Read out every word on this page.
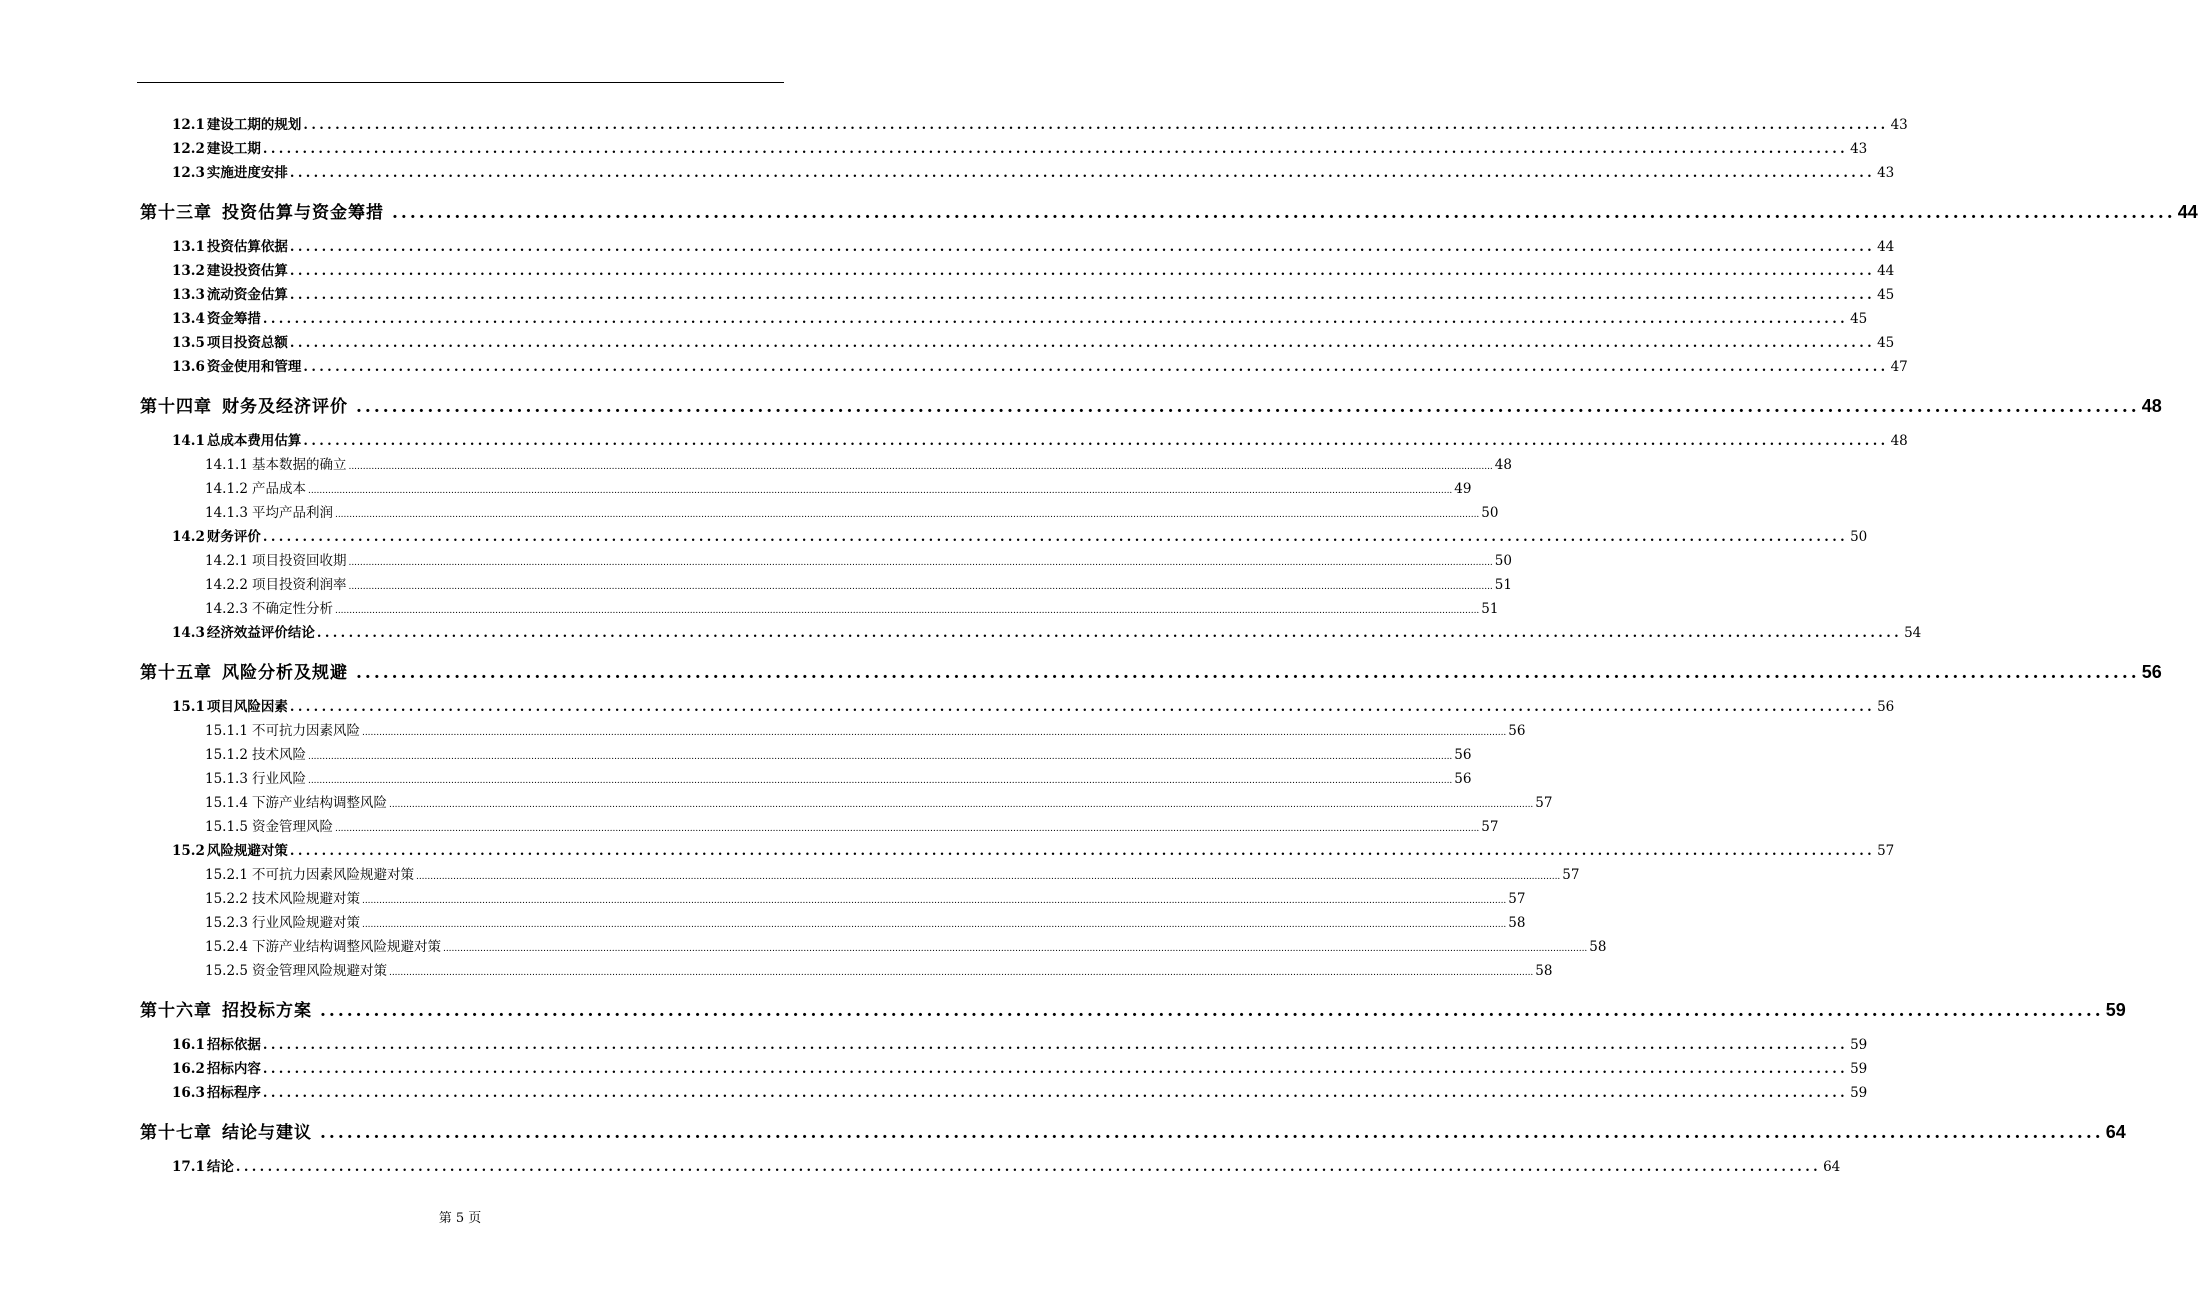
12.1 建设工期的规划 ........................................................................................................................................................................................................ 43
12.2 建设工期 ........................................................................................................................................................................................................ 43
12.3 实施进度安排 ........................................................................................................................................................................................................ 43
第十三章 投资估算与资金筹措 ........................................................................................................................................................................................................ 44
13.1 投资估算依据 ........................................................................................................................................................................................................ 44
13.2 建设投资估算 ........................................................................................................................................................................................................ 44
13.3 流动资金估算 ........................................................................................................................................................................................................ 45
13.4 资金筹措 ........................................................................................................................................................................................................ 45
13.5 项目投资总额 ........................................................................................................................................................................................................ 45
13.6 资金使用和管理 ........................................................................................................................................................................................................ 47
第十四章 财务及经济评价 ........................................................................................................................................................................................................ 48
14.1 总成本费用估算 ........................................................................................................................................................................................................ 48
14.1.1 基本数据的确立 ................................................................................................................................................................................................................................................................................................................................................................................................................ 48
14.1.2 产品成本 ................................................................................................................................................................................................................................................................................................................................................................................................................ 49
14.1.3 平均产品利润 ................................................................................................................................................................................................................................................................................................................................................................................................................ 50
14.2 财务评价 ........................................................................................................................................................................................................ 50
14.2.1 项目投资回收期 ................................................................................................................................................................................................................................................................................................................................................................................................................ 50
14.2.2 项目投资利润率 ................................................................................................................................................................................................................................................................................................................................................................................................................ 51
14.2.3 不确定性分析 ................................................................................................................................................................................................................................................................................................................................................................................................................ 51
14.3 经济效益评价结论 ........................................................................................................................................................................................................ 54
第十五章 风险分析及规避 ........................................................................................................................................................................................................ 56
15.1 项目风险因素 ........................................................................................................................................................................................................ 56
15.1.1 不可抗力因素风险 ................................................................................................................................................................................................................................................................................................................................................................................................................ 56
15.1.2 技术风险 ................................................................................................................................................................................................................................................................................................................................................................................................................ 56
15.1.3 行业风险 ................................................................................................................................................................................................................................................................................................................................................................................................................ 56
15.1.4 下游产业结构调整风险 ................................................................................................................................................................................................................................................................................................................................................................................................................ 57
15.1.5 资金管理风险 ................................................................................................................................................................................................................................................................................................................................................................................................................ 57
15.2 风险规避对策 ........................................................................................................................................................................................................ 57
15.2.1 不可抗力因素风险规避对策 ................................................................................................................................................................................................................................................................................................................................................................................................................ 57
15.2.2 技术风险规避对策 ................................................................................................................................................................................................................................................................................................................................................................................................................ 57
15.2.3 行业风险规避对策 ................................................................................................................................................................................................................................................................................................................................................................................................................ 58
15.2.4 下游产业结构调整风险规避对策 ................................................................................................................................................................................................................................................................................................................................................................................................................ 58
15.2.5 资金管理风险规避对策 ................................................................................................................................................................................................................................................................................................................................................................................................................ 58
第十六章 招投标方案 ........................................................................................................................................................................................................ 59
16.1 招标依据 ........................................................................................................................................................................................................ 59
16.2 招标内容 ........................................................................................................................................................................................................ 59
16.3 招标程序 ........................................................................................................................................................................................................ 59
第十七章 结论与建议 ........................................................................................................................................................................................................ 64
17.1 结论 ........................................................................................................................................................................................................ 64
第 5 页
